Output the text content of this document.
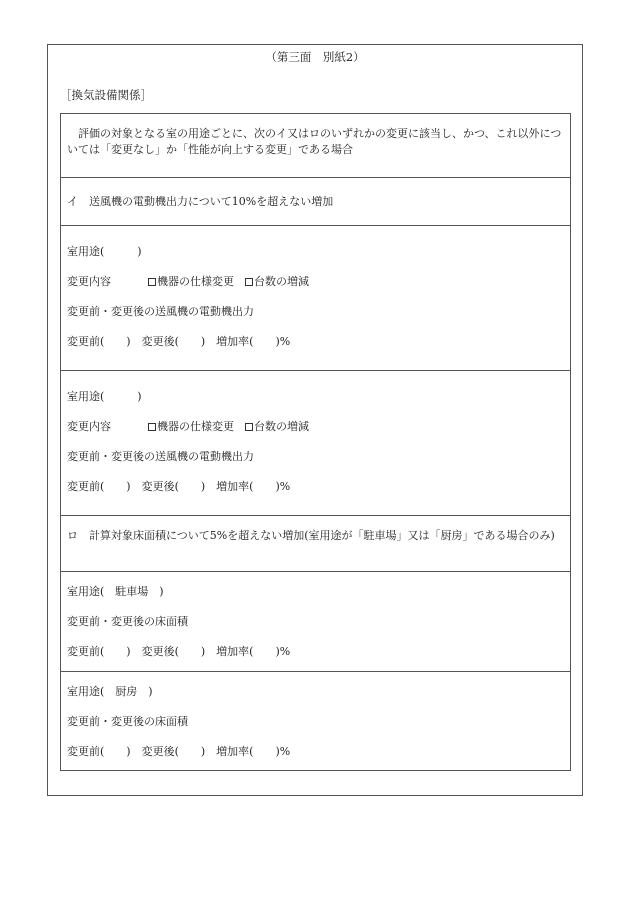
（第三面　別紙2）
［換気設備関係］
評価の対象となる室の用途ごとに、次のイ又はロのいずれかの変更に該当し、かつ、これ以外については「変更なし」か「性能が向上する変更」である場合
イ　送風機の電動機出力について10%を超えない増加
室用途(　　　)
変更内容	機器の仕様変更　 台数の増減
変更前・変更後の送風機の電動機出力
変更前(　　)　変更後(　　)　増加率(　　)%
室用途(　　　)
変更内容	機器の仕様変更　 台数の増減
変更前・変更後の送風機の電動機出力
変更前(　　)　変更後(　　)　増加率(　　)%
ロ　計算対象床面積について5%を超えない増加(室用途が「駐車場」又は「厨房」である場合のみ)
室用途(　駐車場　)
変更前・変更後の床面積
変更前(　　)　変更後(　　)　増加率(　　)%
室用途(　厨房　)
変更前・変更後の床面積
変更前(　　)　変更後(　　)　増加率(　　)%
